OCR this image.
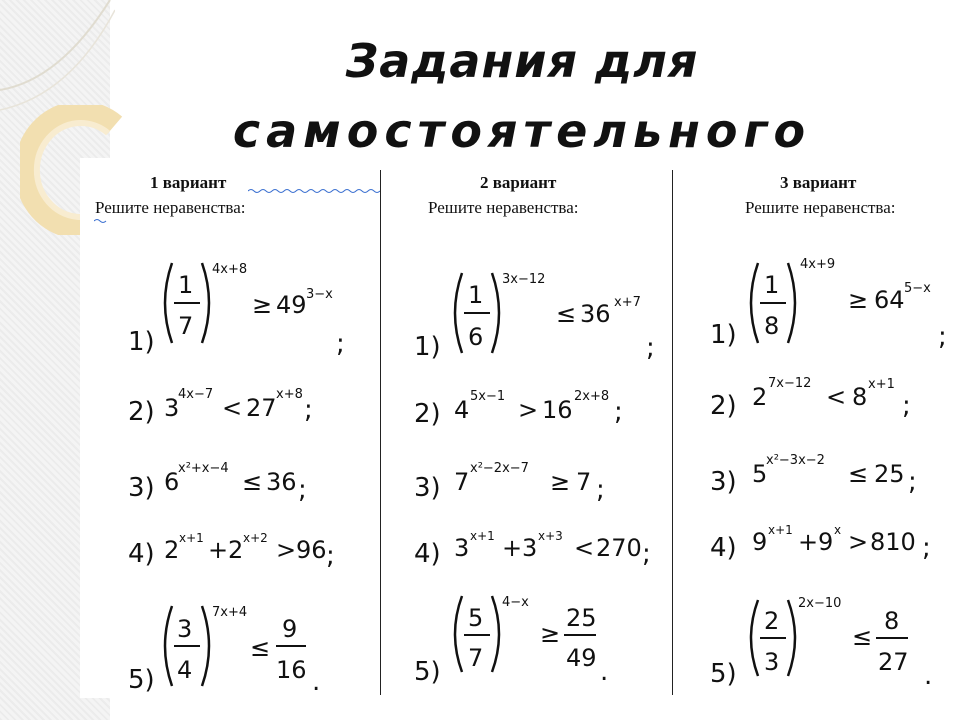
Задания для
самостоятельного
1 вариант
Решите неравенства:
2 вариант
Решите неравенства:
3 вариант
Решите неравенства:
1)
1
7
4x+8
≥ 49 3−x
;
2) 3
4x−7 < 27 x+8
;
3) 6
x²+x−4 ≤ 36 ;
4) 2 x+1 + 2 x+2 > 96 ;
5)
3
4
7x+4
≤
9
16 .
1)
1
6
3x−12
≤ 36 x+7
;
2) 4 5x−1 > 16 2x+8
;
3) 7 x²−2x−7 ≥ 7 ;
4) 3 x+1 + 3 x+3 < 270 ;
5)
5
7
4−x
≥
25
49 .
1)
1
8
4x+9
≥ 64 5−x
;
2) 2 7x−12 < 8 x+1
;
3) 5
x²−3x−2 ≤ 25 ;
4) 9 x+1 + 9 x > 810 ;
5)
2
3
2x−10
≤
8
27 .
